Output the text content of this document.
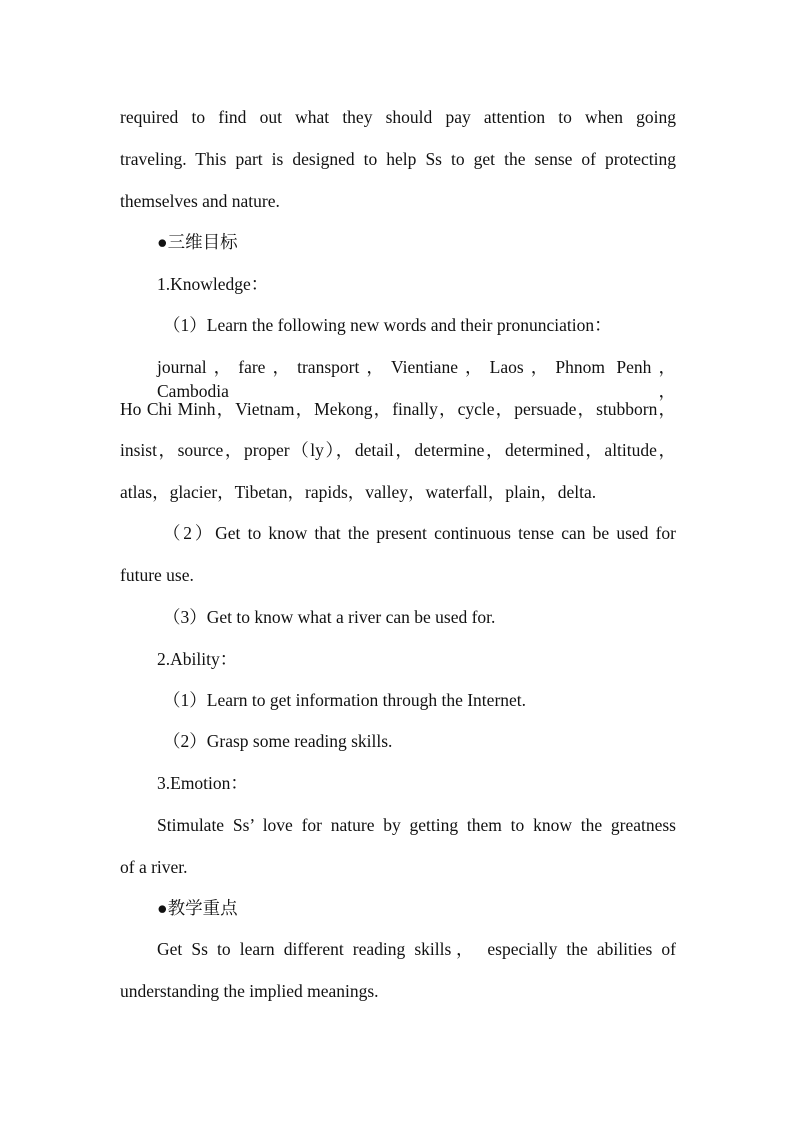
required to find out what they should pay attention to when going
traveling. This part is designed to help Ss to get the sense of protecting
themselves and nature.
●三维目标
1.Knowledge：
（1）Learn the following new words and their pronunciation：
journal，fare，transport，Vientiane，Laos，Phnom Penh，Cambodia，
Ho Chi Minh，Vietnam，Mekong，finally，cycle，persuade，stubborn，
insist，source，proper（ly），detail，determine，determined，altitude，
atlas，glacier，Tibetan，rapids，valley，waterfall，plain，delta.
（2）Get to know that the present continuous tense can be used for
future use.
（3）Get to know what a river can be used for.
2.Ability：
（1）Learn to get information through the Internet.
（2）Grasp some reading skills.
3.Emotion：
Stimulate Ss’ love for nature by getting them to know the greatness
of a river.
●教学重点
Get Ss to learn different reading skills， especially the abilities of
understanding the implied meanings.
